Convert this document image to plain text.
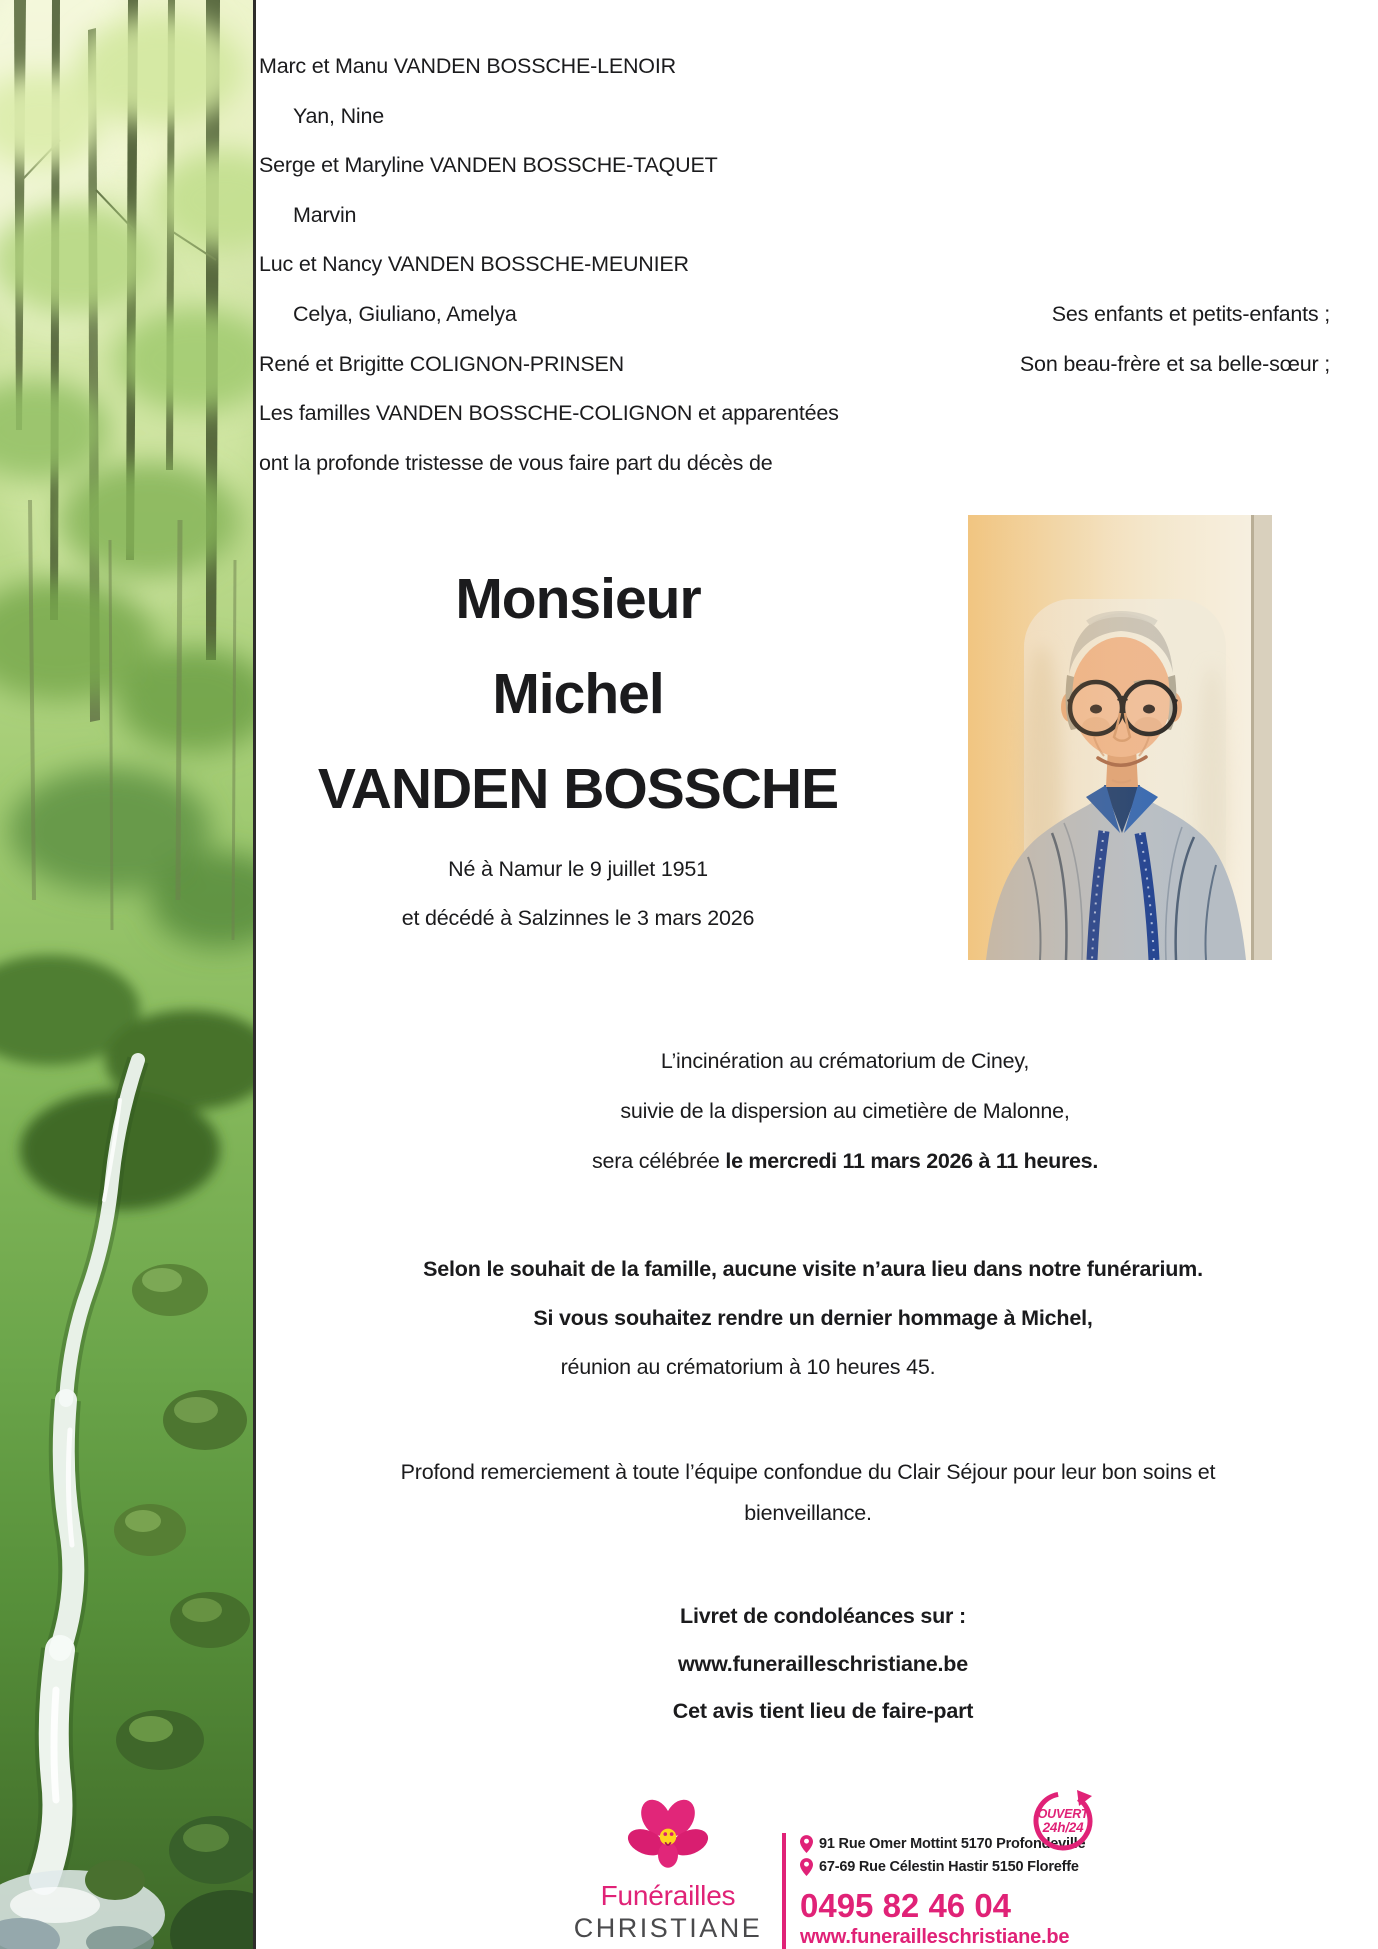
Marc et Manu VANDEN BOSSCHE-LENOIR
Yan, Nine
Serge et Maryline VANDEN BOSSCHE-TAQUET
Marvin
Luc et Nancy VANDEN BOSSCHE-MEUNIER
Celya, Giuliano, Amelya	Ses enfants et petits-enfants ;
René et Brigitte COLIGNON-PRINSEN	Son beau-frère et sa belle-sœur ;
Les familles VANDEN BOSSCHE-COLIGNON et apparentées
ont la profonde tristesse de vous faire part du décès de
Monsieur
Michel
VANDEN BOSSCHE
Né à Namur le 9 juillet 1951
et décédé à Salzinnes le 3 mars 2026
L’incinération au crématorium de Ciney,
suivie de la dispersion au cimetière de Malonne,
sera célébrée le mercredi 11 mars 2026 à 11 heures.
Selon le souhait de la famille, aucune visite n’aura lieu dans notre funérarium.
Si vous souhaitez rendre un dernier hommage à Michel,
réunion au crématorium à 10 heures 45.
Profond remerciement à toute l’équipe confondue du Clair Séjour pour leur bon soins et
bienveillance.
Livret de condoléances sur :
www.funerailleschristiane.be
Cet avis tient lieu de faire-part
Funérailles
CHRISTIANE
91 Rue Omer Mottint 5170 Profondeville
67-69 Rue Célestin Hastir 5150 Floreffe
0495 82 46 04
www.funerailleschristiane.be
OUVERT
24h/24
